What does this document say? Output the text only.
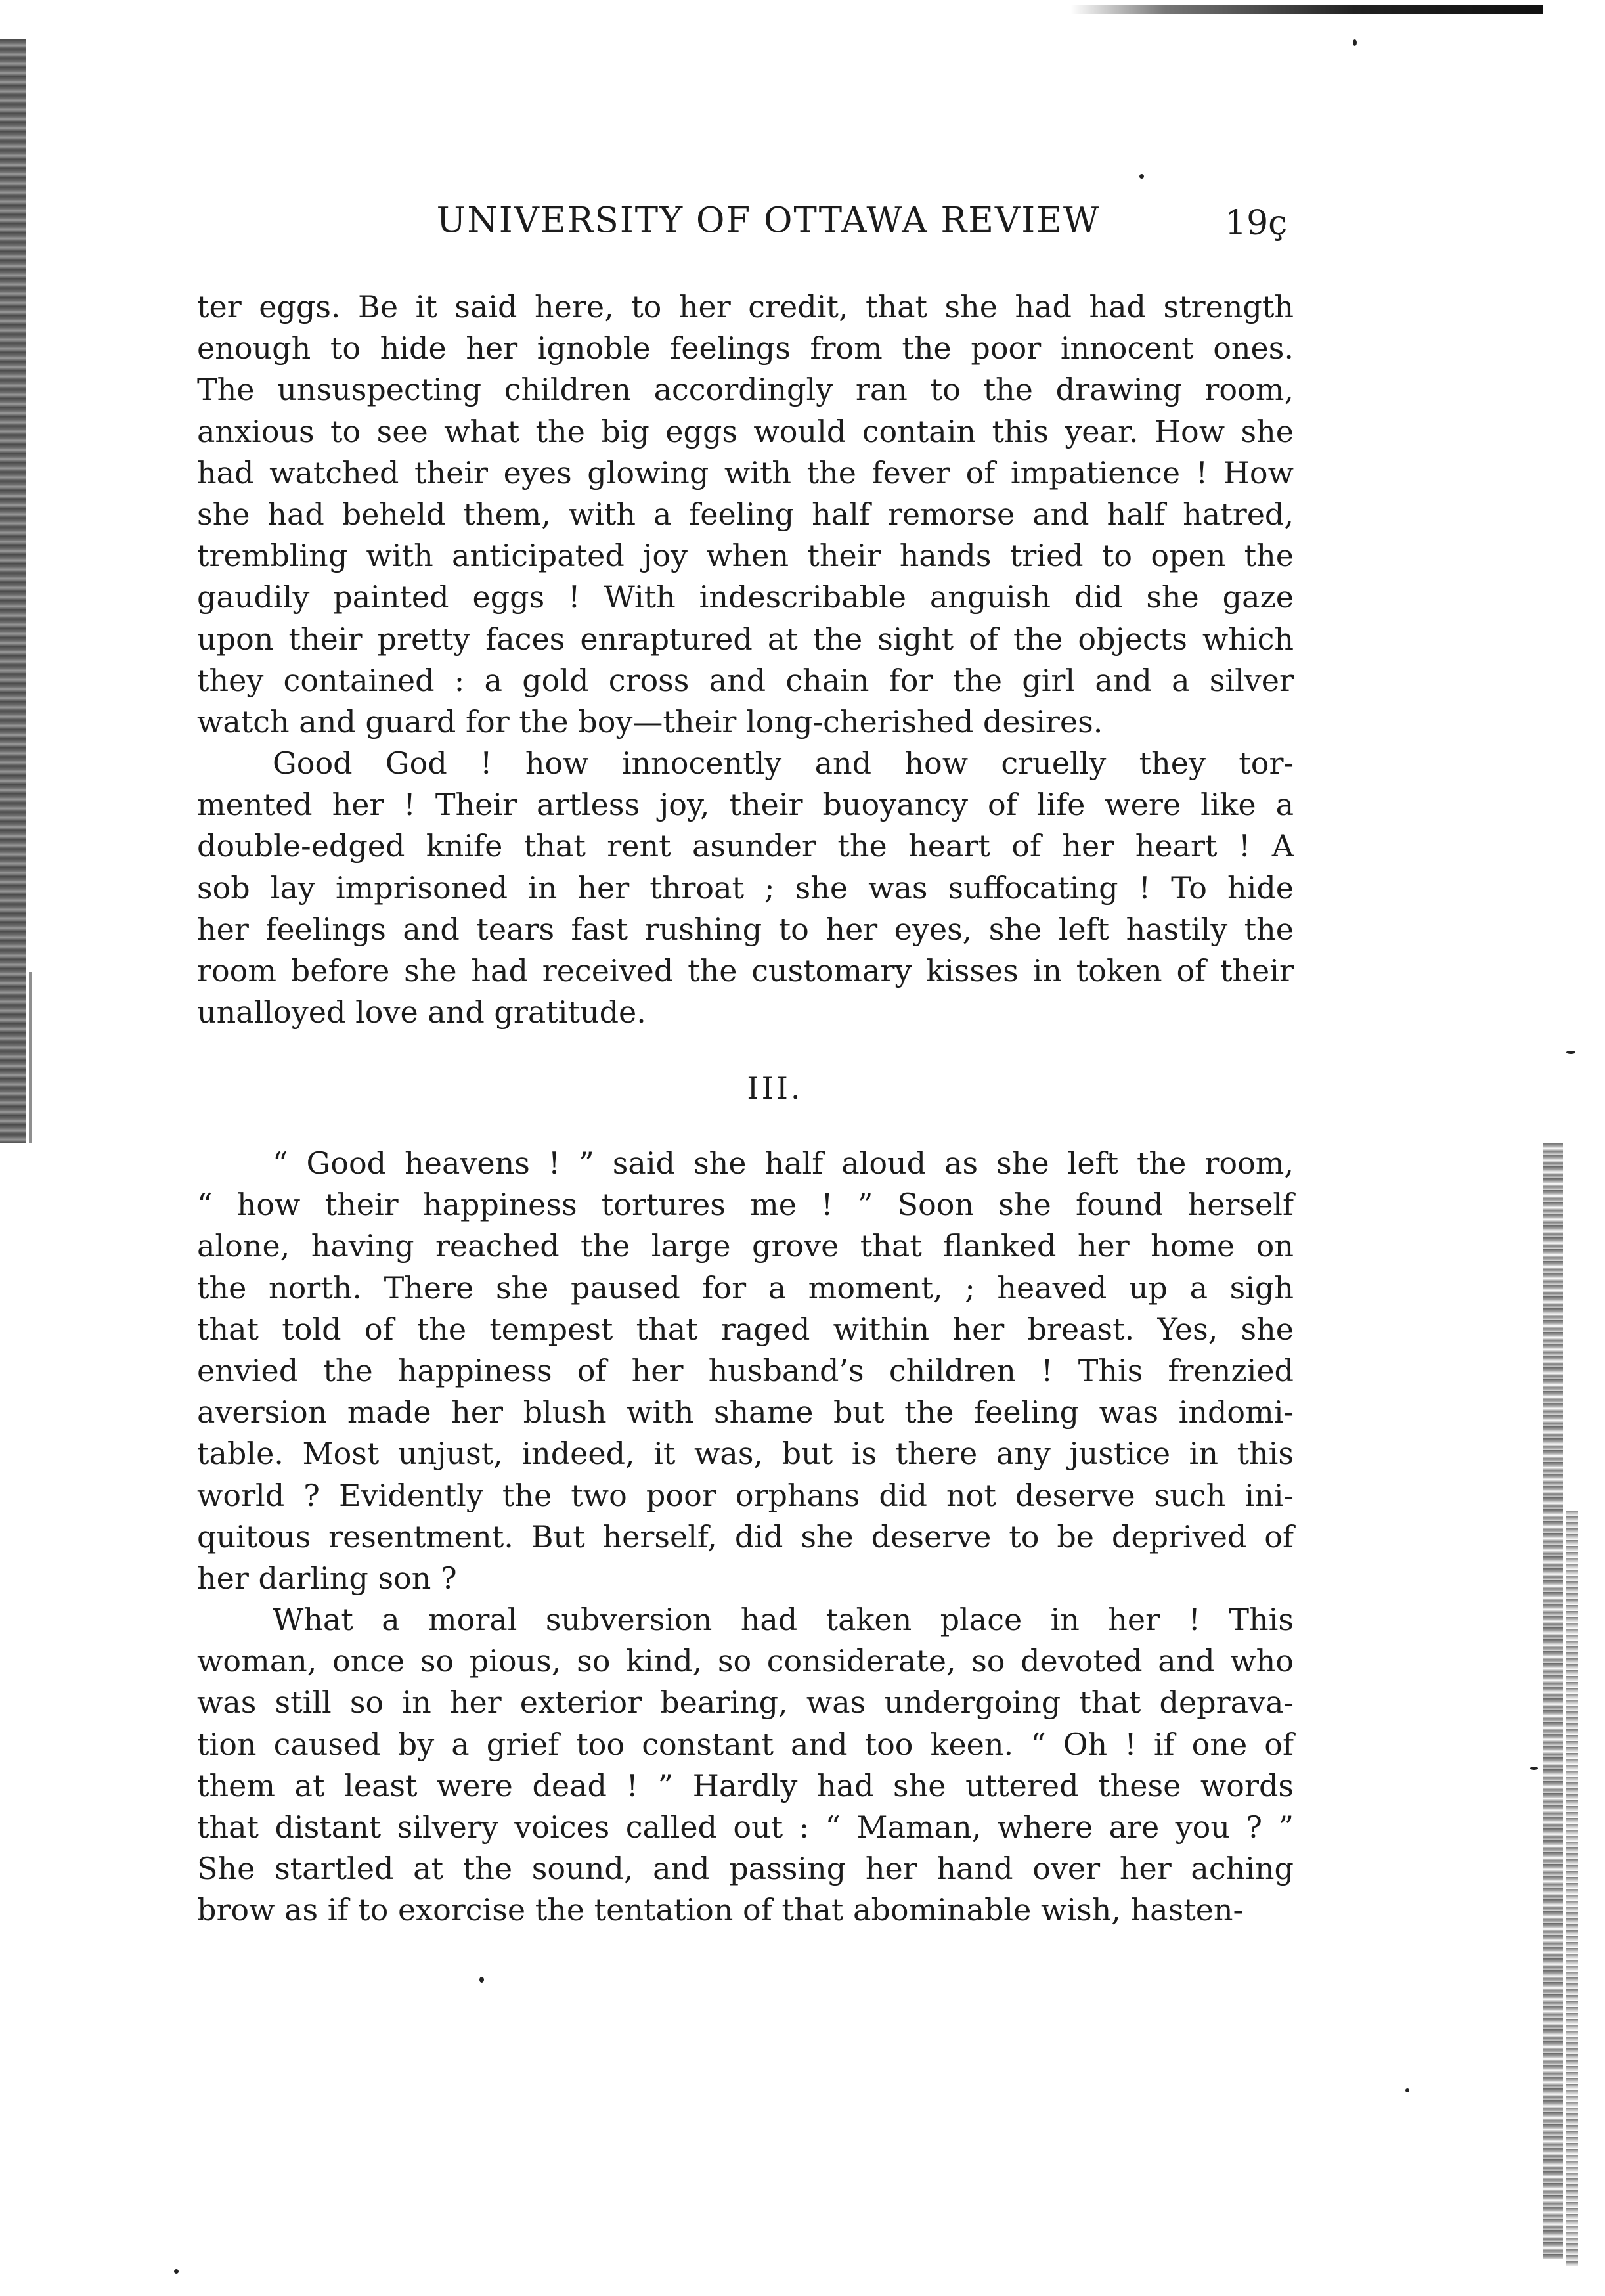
UNIVERSITY OF OTTAWA REVIEW	19ç
ter eggs. Be it said here, to her credit, that she had had strength
enough to hide her ignoble feelings from the poor innocent ones.
The unsuspecting children accordingly ran to the drawing room,
anxious to see what the big eggs would contain this year. How she
had watched their eyes glowing with the fever of impatience ! How
she had beheld them, with a feeling half remorse and half hatred,
trembling with anticipated joy when their hands tried to open the
gaudily painted eggs ! With indescribable anguish did she gaze
upon their pretty faces enraptured at the sight of the objects which
they contained : a gold cross and chain for the girl and a silver
watch and guard for the boy—their long-cherished desires.
Good God ! how innocently and how cruelly they tor-
mented her ! Their artless joy, their buoyancy of life were like a
double-edged knife that rent asunder the heart of her heart ! A
sob lay imprisoned in her throat ; she was suffocating ! To hide
her feelings and tears fast rushing to her eyes, she left hastily the
room before she had received the customary kisses in token of their
unalloyed love and gratitude.
III.
“ Good heavens ! ” said she half aloud as she left the room,
“ how their happiness tortures me ! ” Soon she found herself
alone, having reached the large grove that flanked her home on
the north. There she paused for a moment, ; heaved up a sigh
that told of the tempest that raged within her breast. Yes, she
envied the happiness of her husband’s children ! This frenzied
aversion made her blush with shame but the feeling was indomi-
table. Most unjust, indeed, it was, but is there any justice in this
world ? Evidently the two poor orphans did not deserve such ini-
quitous resentment. But herself, did she deserve to be deprived of
her darling son ?
What a moral subversion had taken place in her ! This
woman, once so pious, so kind, so considerate, so devoted and who
was still so in her exterior bearing, was undergoing that deprava-
tion caused by a grief too constant and too keen. “ Oh ! if one of
them at least were dead ! ” Hardly had she uttered these words
that distant silvery voices called out : “ Maman, where are you ? ”
She startled at the sound, and passing her hand over her aching
brow as if to exorcise the tentation of that abominable wish, hasten-
